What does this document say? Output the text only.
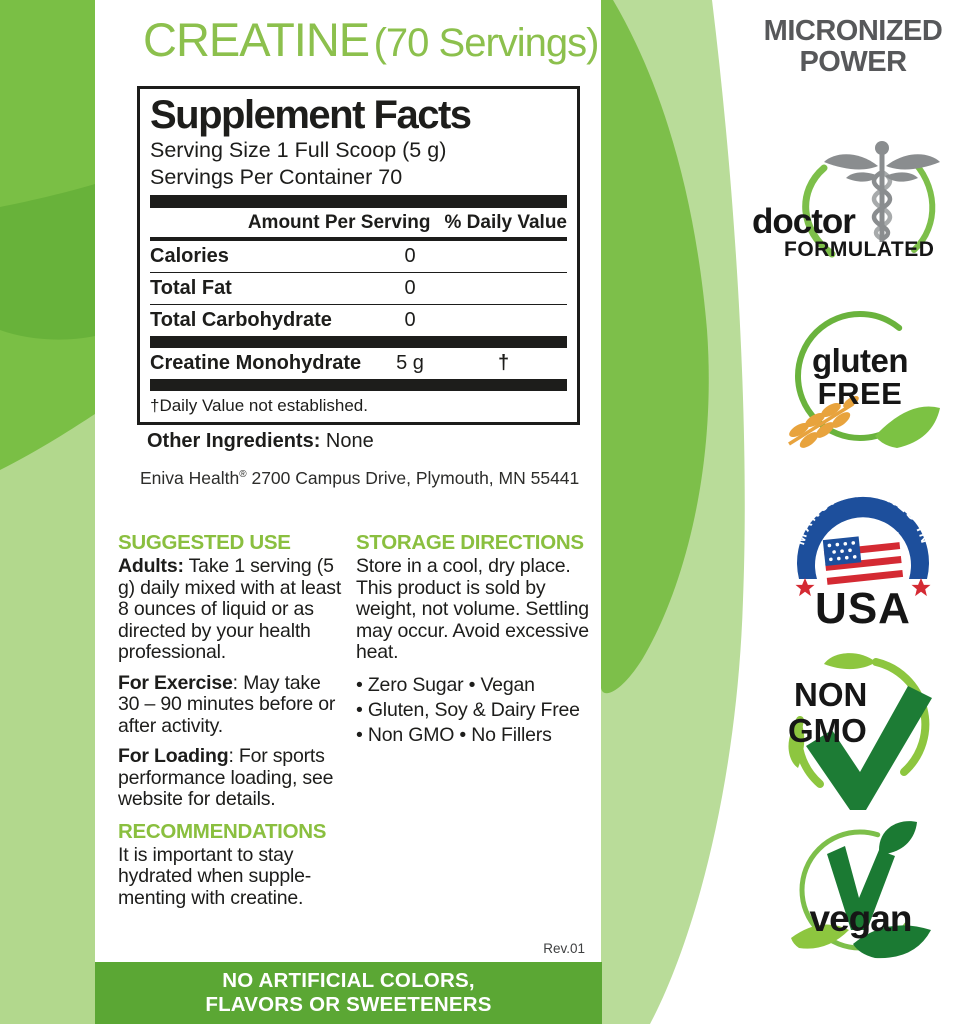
CREATINE (70 Servings)
Supplement Facts
Serving Size 1 Full Scoop (5 g)
Servings Per Container 70
Amount Per Serving % Daily Value
Calories	0
Total Fat	0
Total Carbohydrate	0
Creatine Monohydrate	5 g	†
†Daily Value not established.
Other Ingredients: None
Eniva Health® 2700 Campus Drive, Plymouth, MN 55441
SUGGESTED USE

Adults: Take 1 serving (5 g) daily mixed with at least 8 ounces of liquid or as directed by your health professional.

For Exercise: May take 30 – 90 minutes before or after activity.

For Loading: For sports performance loading, see website for details.

RECOMMENDATIONS

It is important to stay hydrated when supple-menting with creatine.

STORAGE DIRECTIONS

Store in a cool, dry place. This product is sold by weight, not volume. Settling may occur. Avoid excessive heat.

• Zero Sugar • Vegan
• Gluten, Soy & Dairy Free
• Non GMO • No Fillers
Rev.01
NO ARTIFICIAL COLORS,
FLAVORS OR SWEETENERS
MICRONIZED
POWER
doctor
FORMULATED
gluten
FREE
MANUFACTURED IN
USA
NON
GMO
vegan
